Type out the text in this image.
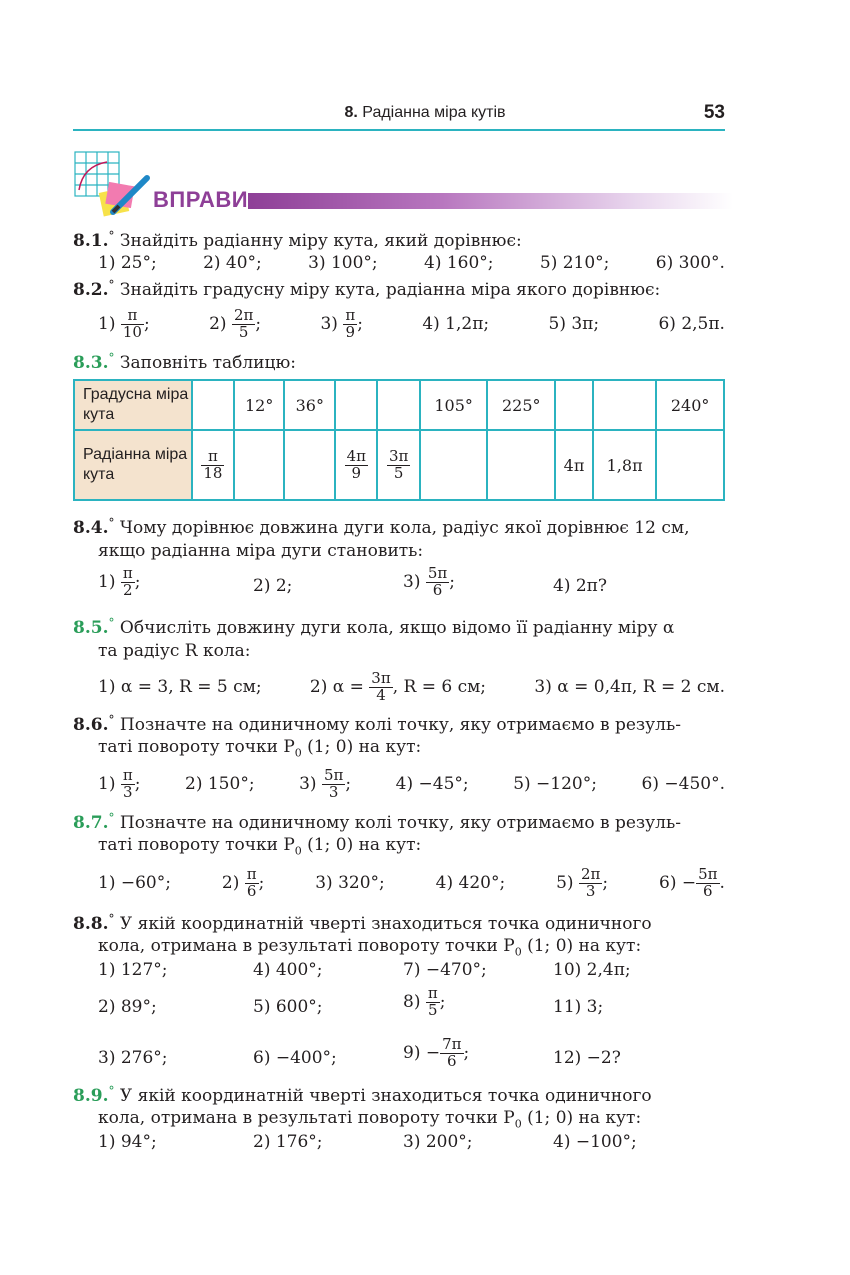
8. Радіанна міра кутів	53
ВПРАВИ
8.1.° Знайдіть радіанну міру кута, який дорівнює:
1) 25°;	2) 40°;	3) 100°;	4) 160°;	5) 210°;	6) 300°.
8.2.° Знайдіть градусну міру кута, радіанна міра якого дорівнює:
$1) \frac{\pi}{10}$ ;	$2) \frac{2\pi}{5}$ ;	$3) \frac{\pi}{9}$ ;	4) 1,2π;	5) 3π;	6) 2,5π.
8.3.° Заповніть таблицю:
Градусна міра кута		12°	36°			105°	225°			240°
Радіанна міра кута	$\frac{\pi}{18}$			$\frac{4\pi}{9}$	$\frac{3\pi}{5}$			4π	1,8π	
8.4.° Чому дорівнює довжина дуги кола, радіус якої дорівнює 12 см,
якщо радіанна міра дуги становить:
$1) \frac{\pi}{2}$ ;	2) 2;	$3) \frac{5\pi}{6}$ ;	4) 2π?
8.5.° Обчисліть довжину дуги кола, якщо відомо її радіанну міру α
та радіус R кола:
1) α = 3, R = 5 см;	2) $\alpha = \frac{3\pi}{4}$ , R = 6 см;	3) α = 0,4π, R = 2 см.
8.6.° Позначте на одиничному колі точку, яку отримаємо в резуль-
таті повороту точки $P_0$ (1; 0) на кут:
$1) \frac{\pi}{3}$ ;	2) 150°;	$3) \frac{5\pi}{3}$ ;	4) −45°;	5) −120°;	6) −450°.
8.7.° Позначте на одиничному колі точку, яку отримаємо в резуль-
таті повороту точки $P_0$ (1; 0) на кут:
1) −60°;	$2) \frac{\pi}{6}$ ;	3) 320°;	4) 420°;	$5) \frac{2\pi}{3}$ ;	$6) - \frac{5\pi}{6}$ .
8.8.° У якій координатній чверті знаходиться точка одиничного
кола, отримана в результаті повороту точки $P_0$ (1; 0) на кут:
1) 127°;
2) 89°;
3) 276°;
4) 400°;
5) 600°;
6) −400°;
7) −470°;
$8) \frac{\pi}{5}$ ;
$9) - \frac{7\pi}{6}$ ;
10) 2,4π;
11) 3;
12) −2?
8.9.° У якій координатній чверті знаходиться точка одиничного
кола, отримана в результаті повороту точки $P_0$ (1; 0) на кут:
1) 94°;	2) 176°;	3) 200°;	4) −100°;
